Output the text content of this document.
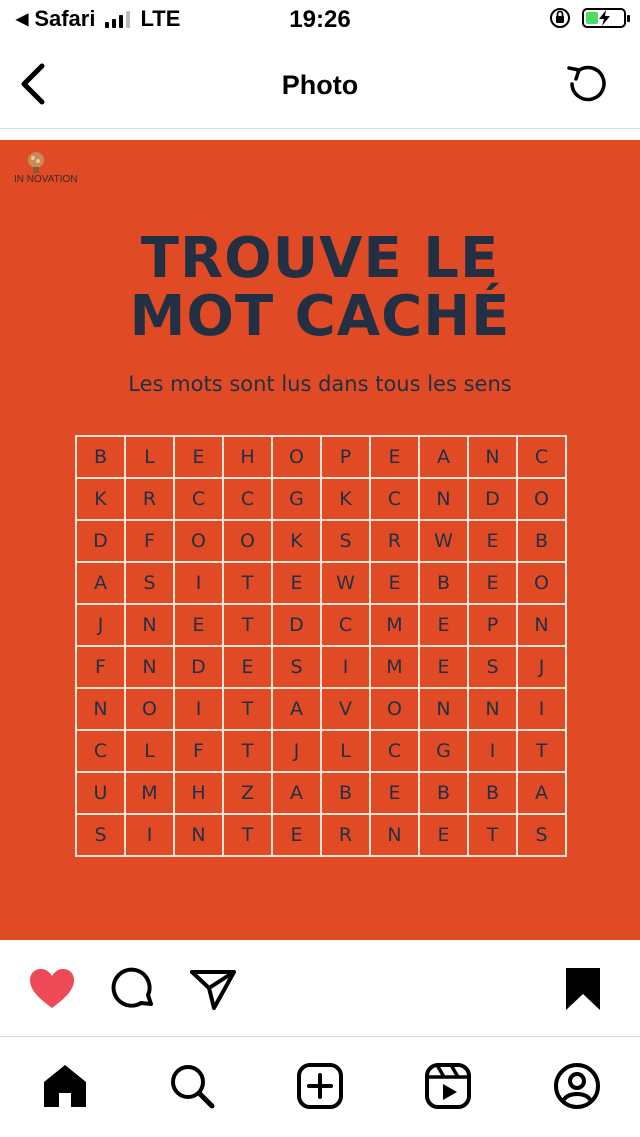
◀ Safari LTE	19:26
Photo
IN NOVATION
TROUVE LE
MOT CACHÉ
Les mots sont lus dans tous les sens
B	L	E	H	O	P	E	A	N	C
K	R	C	C	G	K	C	N	D	O
D	F	O	O	K	S	R	W	E	B
A	S	I	T	E	W	E	B	E	O
J	N	E	T	D	C	M	E	P	N
F	N	D	E	S	I	M	E	S	J
N	O	I	T	A	V	O	N	N	I
C	L	F	T	J	L	C	G	I	T
U	M	H	Z	A	B	E	B	B	A
S	I	N	T	E	R	N	E	T	S
